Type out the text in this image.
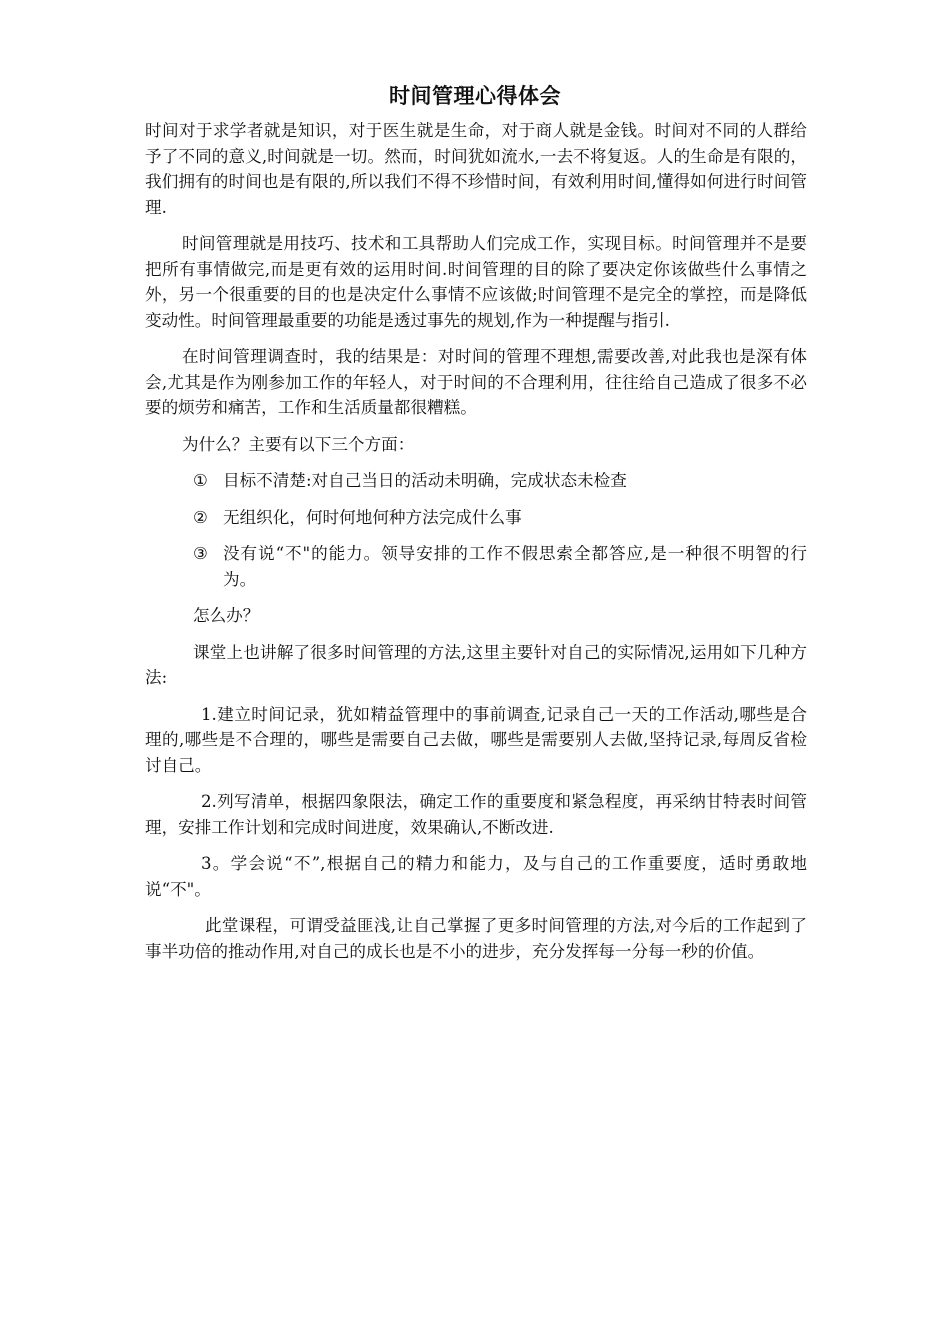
时间管理心得体会

时间对于求学者就是知识，对于医生就是生命，对于商人就是金钱。时间对不同的人群给予了不同的意义,时间就是一切。然而，时间犹如流水,一去不将复返。人的生命是有限的，我们拥有的时间也是有限的,所以我们不得不珍惜时间，有效利用时间,懂得如何进行时间管理.

时间管理就是用技巧、技术和工具帮助人们完成工作，实现目标。时间管理并不是要把所有事情做完,而是更有效的运用时间.时间管理的目的除了要决定你该做些什么事情之外，另一个很重要的目的也是决定什么事情不应该做;时间管理不是完全的掌控，而是降低变动性。时间管理最重要的功能是透过事先的规划,作为一种提醒与指引.

在时间管理调查时，我的结果是：对时间的管理不理想,需要改善,对此我也是深有体会,尤其是作为刚参加工作的年轻人，对于时间的不合理利用，往往给自己造成了很多不必要的烦劳和痛苦，工作和生活质量都很糟糕。

为什么？主要有以下三个方面：

① 目标不清楚:对自己当日的活动未明确，完成状态未检查
② 无组织化，何时何地何种方法完成什么事
③ 没有说“不"的能力。领导安排的工作不假思索全都答应,是一种很不明智的行为。

怎么办？

课堂上也讲解了很多时间管理的方法,这里主要针对自己的实际情况,运用如下几种方法:

1.建立时间记录，犹如精益管理中的事前调查,记录自己一天的工作活动,哪些是合理的,哪些是不合理的，哪些是需要自己去做，哪些是需要别人去做,坚持记录,每周反省检讨自己。

2.列写清单，根据四象限法，确定工作的重要度和紧急程度，再采纳甘特表时间管理，安排工作计划和完成时间进度，效果确认,不断改进.

3。学会说“不”,根据自己的精力和能力，及与自己的工作重要度，适时勇敢地说“不"。

此堂课程，可谓受益匪浅,让自己掌握了更多时间管理的方法,对今后的工作起到了事半功倍的推动作用,对自己的成长也是不小的进步，充分发挥每一分每一秒的价值。
